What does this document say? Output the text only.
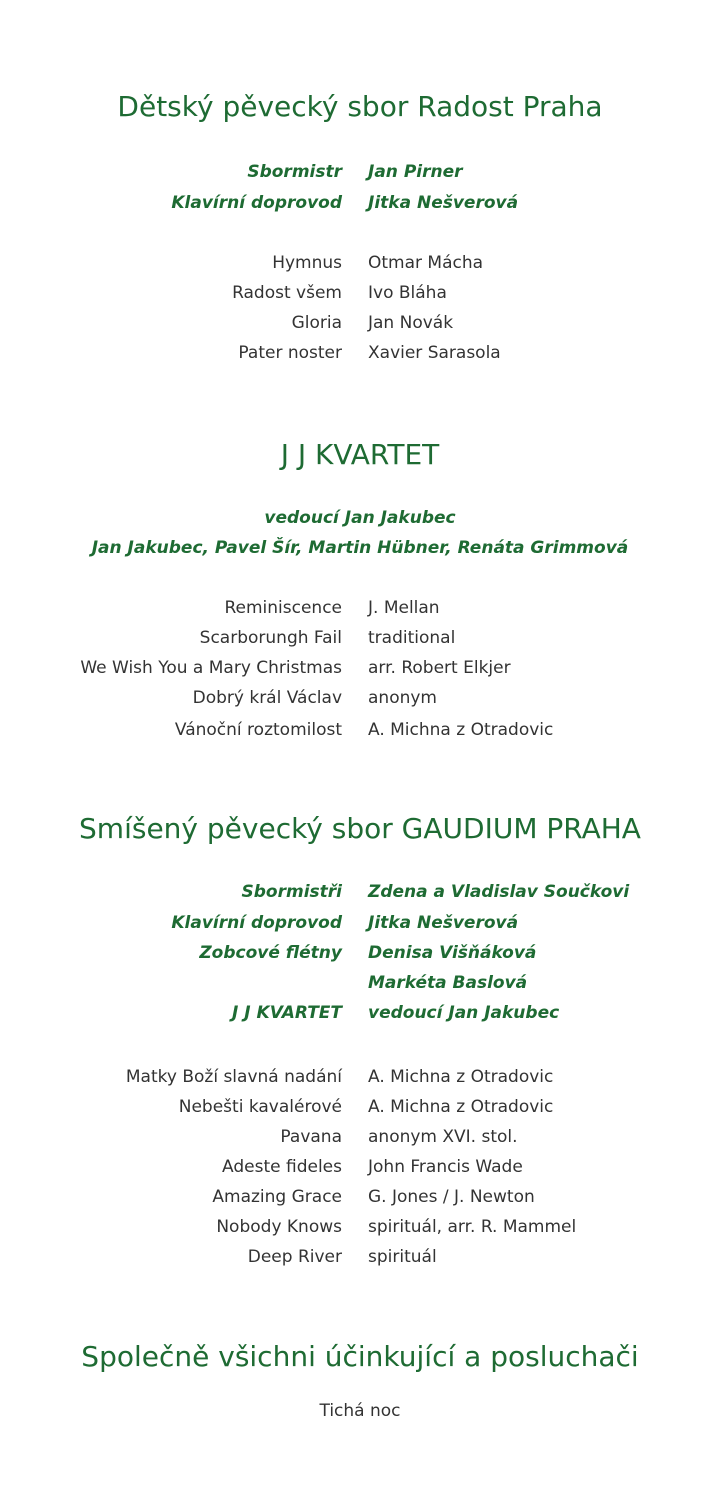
Dětský pěvecký sbor Radost Praha
Sbormistr Jan Pirner
Klavírní doprovod Jitka Nešverová
Hymnus Otmar Mácha
Radost všem Ivo Bláha
Gloria Jan Novák
Pater noster Xavier Sarasola
J J KVARTET
vedoucí Jan Jakubec
Jan Jakubec, Pavel Šír, Martin Hübner, Renáta Grimmová
Reminiscence J. Mellan
Scarborungh Fail traditional
We Wish You a Mary Christmas arr. Robert Elkjer
Dobrý král Václav anonym
Vánoční roztomilost A. Michna z Otradovic
Smíšený pěvecký sbor GAUDIUM PRAHA
Sbormistři Zdena a Vladislav Součkovi
Klavírní doprovod Jitka Nešverová
Zobcové flétny Denisa Višňáková
Markéta Baslová
J J KVARTET vedoucí Jan Jakubec
Matky Boží slavná nadání A. Michna z Otradovic
Nebešti kavalérové A. Michna z Otradovic
Pavana anonym XVI. stol.
Adeste fideles John Francis Wade
Amazing Grace G. Jones / J. Newton
Nobody Knows spirituál, arr. R. Mammel
Deep River spirituál
Společně všichni účinkující a posluchači
Tichá noc
